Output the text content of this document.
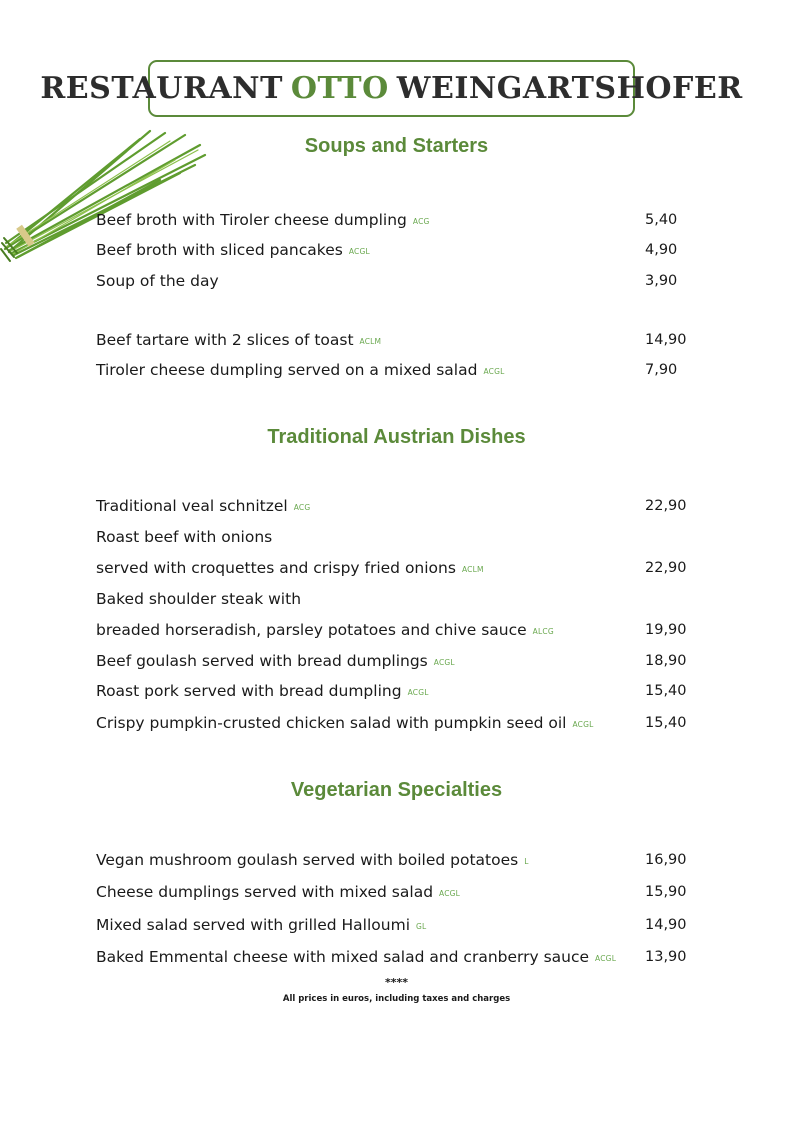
RESTAURANT OTTO WEINGARTSHOFER
Soups and Starters
Beef broth with Tiroler cheese dumpling ACG	5,40
Beef broth with sliced pancakes ACGL	4,90
Soup of the day	3,90
Beef tartare with 2 slices of toast ACLM	14,90
Tiroler cheese dumpling served on a mixed salad ACGL	7,90
Traditional Austrian Dishes
Traditional veal schnitzel ACG	22,90
Roast beef with onions
served with croquettes and crispy fried onions ACLM	22,90
Baked shoulder steak with
breaded horseradish, parsley potatoes and chive sauce ALCG	19,90
Beef goulash served with bread dumplings ACGL	18,90
Roast pork served with bread dumpling ACGL	15,40
Crispy pumpkin-crusted chicken salad with pumpkin seed oil ACGL	15,40
Vegetarian Specialties
Vegan mushroom goulash served with boiled potatoes L	16,90
Cheese dumplings served with mixed salad ACGL	15,90
Mixed salad served with grilled Halloumi GL	14,90
Baked Emmental cheese with mixed salad and cranberry sauce ACGL	13,90
****
All prices in euros, including taxes and charges
